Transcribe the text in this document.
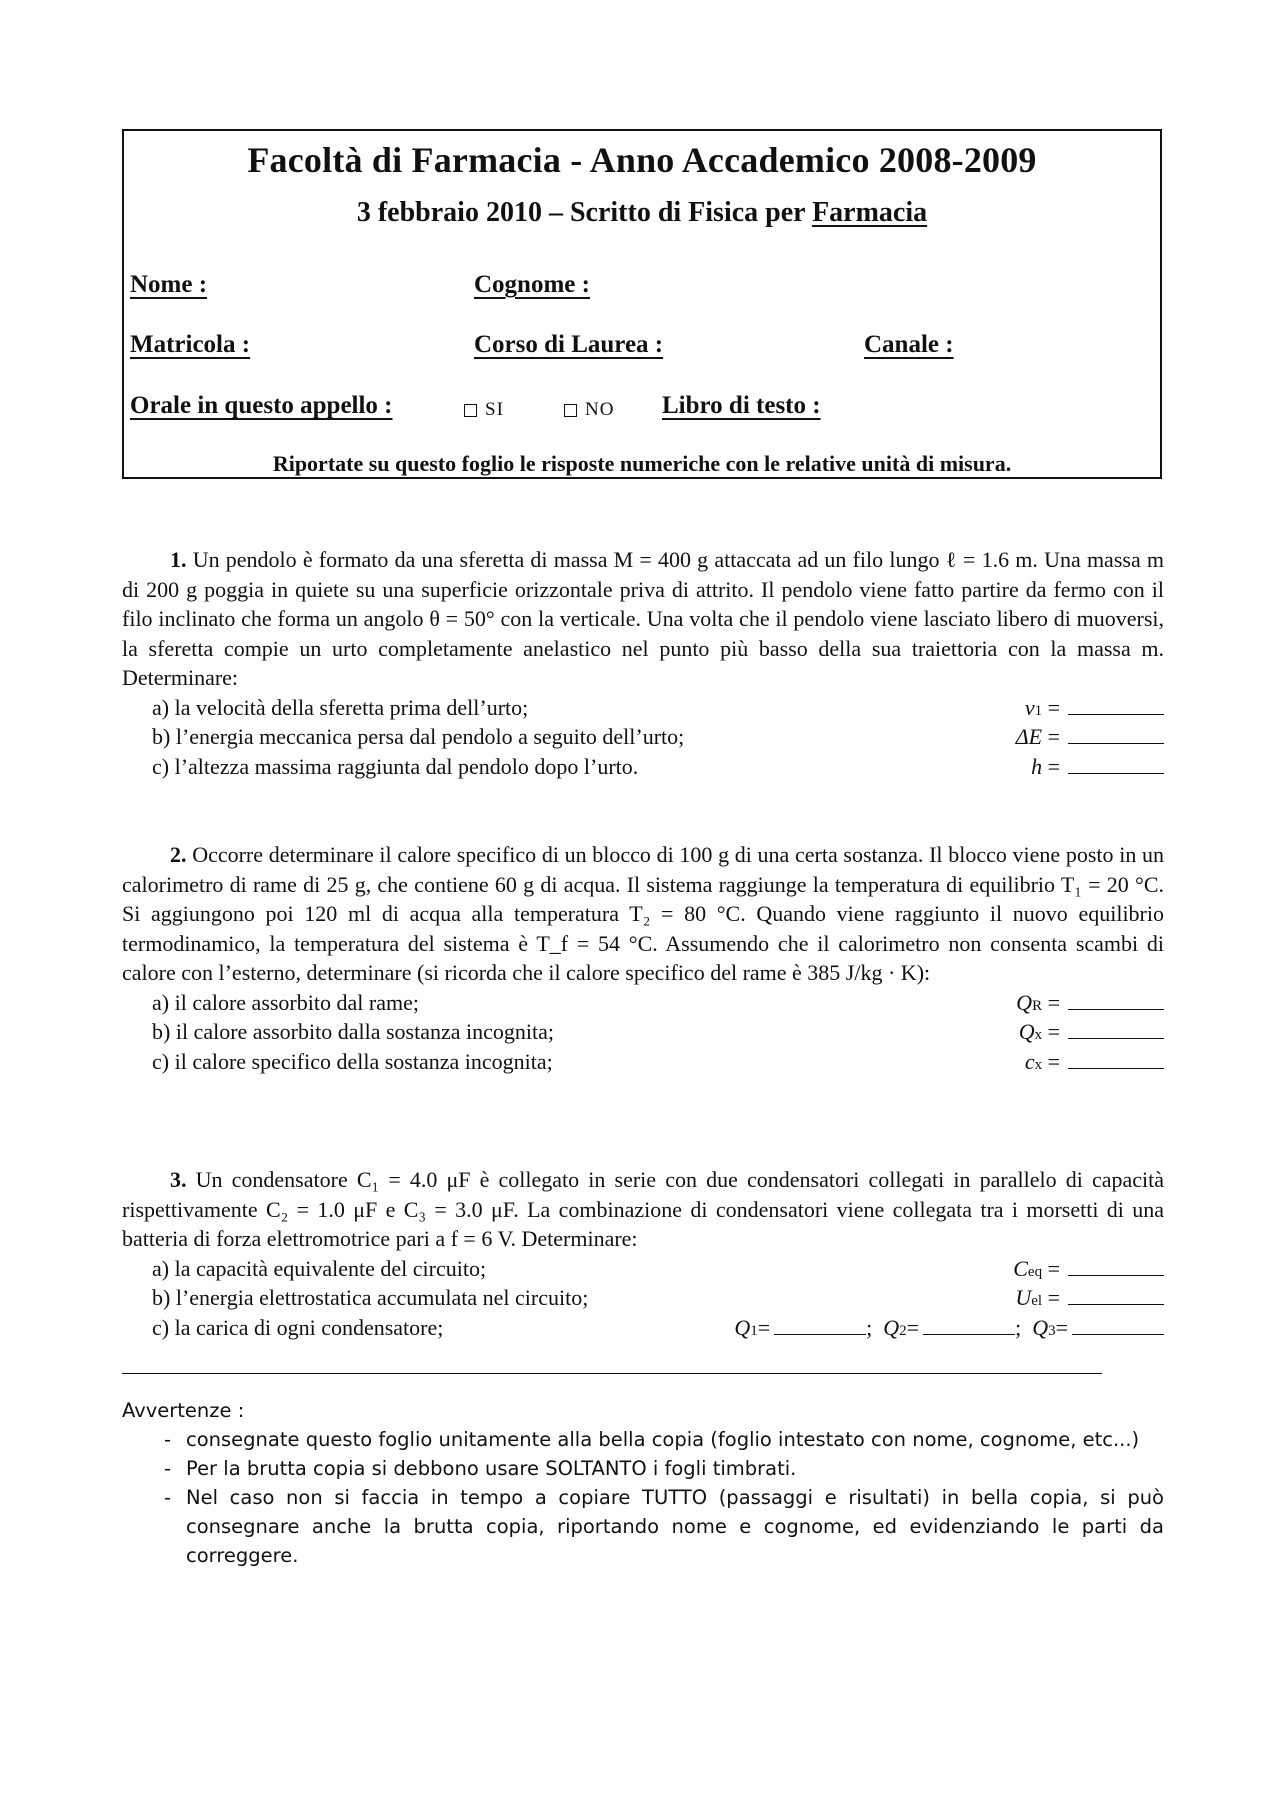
Facoltà di Farmacia - Anno Accademico 2008-2009
3 febbraio 2010 – Scritto di Fisica per Farmacia
Nome :	Cognome :
Matricola :	Corso di Laurea :	Canale :
Orale in questo appello :	SI	NO Libro di testo :
Riportate su questo foglio le risposte numeriche con le relative unità di misura.
1. Un pendolo è formato da una sferetta di massa M = 400 g attaccata ad un filo lungo ℓ = 1.6 m. Una massa m di 200 g poggia in quiete su una superficie orizzontale priva di attrito. Il pendolo viene fatto partire da fermo con il filo inclinato che forma un angolo θ = 50° con la verticale. Una volta che il pendolo viene lasciato libero di muoversi, la sferetta compie un urto completamente anelastico nel punto più basso della sua traiettoria con la massa m. Determinare:
a) la velocità della sferetta prima dell’urto;	v 1 =
b) l’energia meccanica persa dal pendolo a seguito dell’urto;	ΔE =
c) l’altezza massima raggiunta dal pendolo dopo l’urto.	h =
2. Occorre determinare il calore specifico di un blocco di 100 g di una certa sostanza. Il blocco viene posto in un calorimetro di rame di 25 g, che contiene 60 g di acqua. Il sistema raggiunge la temperatura di equilibrio T₁ = 20 °C. Si aggiungono poi 120 ml di acqua alla temperatura T₂ = 80 °C. Quando viene raggiunto il nuovo equilibrio termodinamico, la temperatura del sistema è T_f = 54 °C. Assumendo che il calorimetro non consenta scambi di calore con l’esterno, determinare (si ricorda che il calore specifico del rame è 385 J/kg · K):
a) il calore assorbito dal rame;	Q R =
b) il calore assorbito dalla sostanza incognita;	Q x =
c) il calore specifico della sostanza incognita;	c x =
3. Un condensatore C₁ = 4.0 μF è collegato in serie con due condensatori collegati in parallelo di capacità rispettivamente C₂ = 1.0 μF e C₃ = 3.0 μF. La combinazione di condensatori viene collegata tra i morsetti di una batteria di forza elettromotrice pari a f = 6 V. Determinare:
a) la capacità equivalente del circuito;	C eq =
b) l’energia elettrostatica accumulata nel circuito;	U el =
c) la carica di ogni condensatore;	Q 1 =	; Q 2 =	; Q 3 =
Avvertenze :
- consegnate questo foglio unitamente alla bella copia (foglio intestato con nome, cognome, etc...)
- Per la brutta copia si debbono usare SOLTANTO i fogli timbrati.
- Nel caso non si faccia in tempo a copiare TUTTO (passaggi e risultati) in bella copia, si può consegnare anche la brutta copia, riportando nome e cognome, ed evidenziando le parti da correggere.
